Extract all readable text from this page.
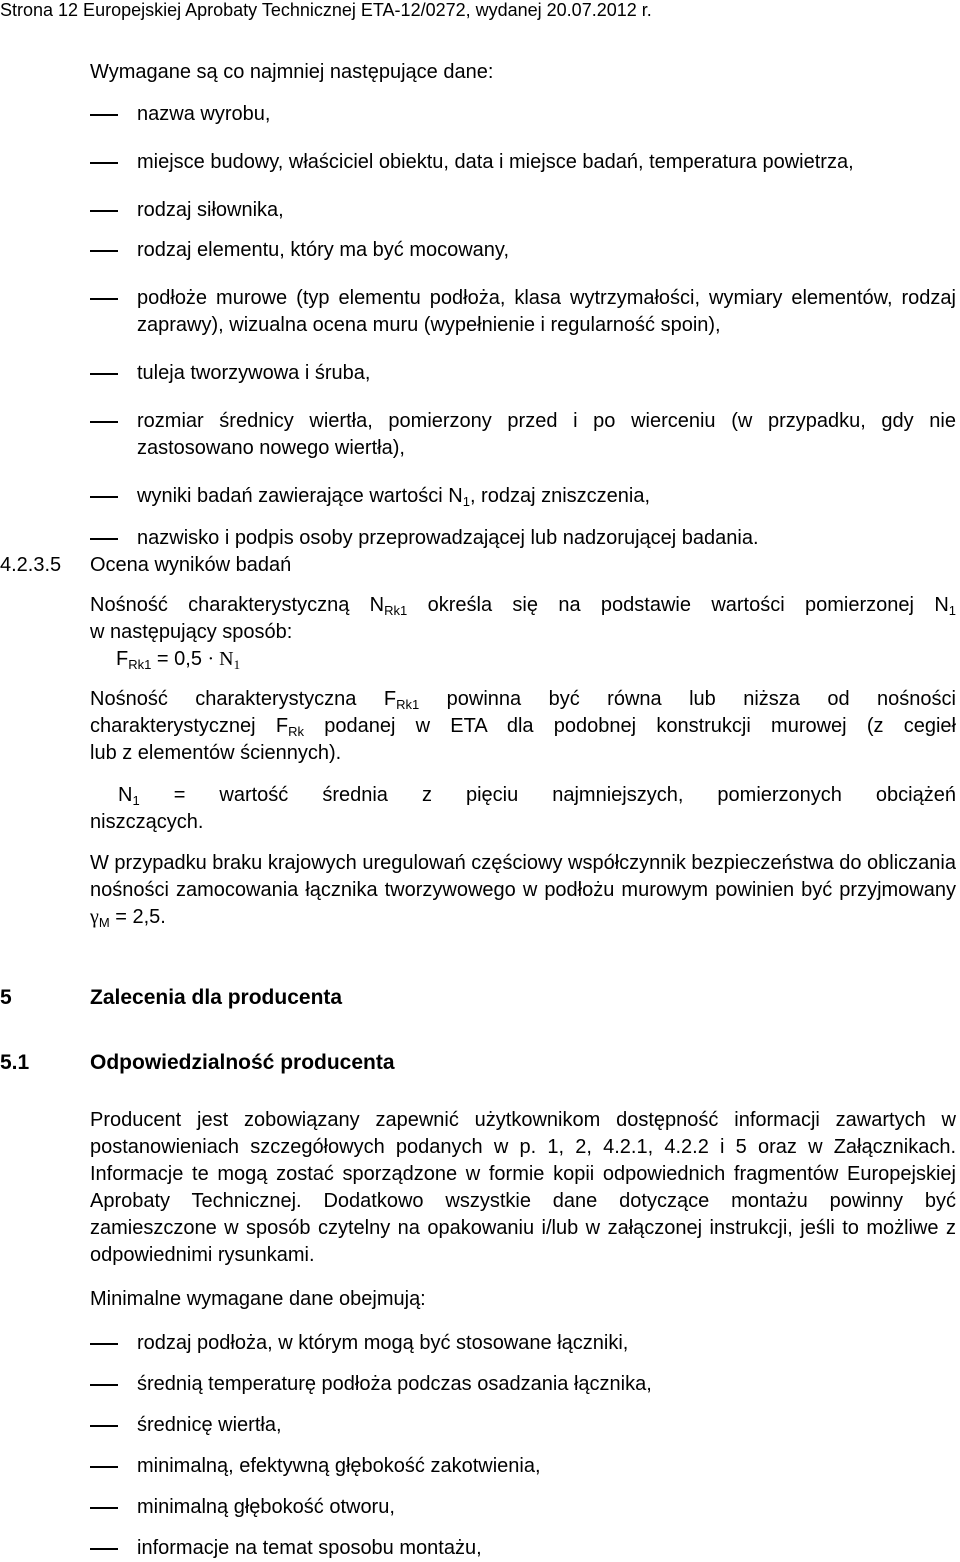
Strona 12 Europejskiej Aprobaty Technicznej ETA-12/0272, wydanej 20.07.2012 r.
Wymagane są co najmniej następujące dane:
nazwa wyrobu,
miejsce budowy, właściciel obiektu, data i miejsce badań, temperatura powietrza,
rodzaj siłownika,
rodzaj elementu, który ma być mocowany,
podłoże murowe (typ elementu podłoża, klasa wytrzymałości, wymiary elementów, rodzaj zaprawy), wizualna ocena muru (wypełnienie i regularność spoin),
tuleja tworzywowa i śruba,
rozmiar średnicy wiertła, pomierzony przed i po wierceniu (w przypadku, gdy nie zastosowano nowego wiertła),
wyniki badań zawierające wartości $N_1$, rodzaj zniszczenia,
nazwisko i podpis osoby przeprowadzającej lub nadzorującej badania.
4.2.3.5 Ocena wyników badań
Nośność charakterystyczną $N_{Rk1}$ określa się na podstawie wartości pomierzonej $N_1$
w następujący sposób:
$F_{Rk1} = 0,5 \cdot N_1$
Nośność charakterystyczna $F_{Rk1}$ powinna być równa lub niższa od nośności
charakterystycznej $F_{Rk}$ podanej w ETA dla podobnej konstrukcji murowej (z cegieł
lub z elementów ściennych).
$N_1$ = wartość średnia z pięciu najmniejszych, pomierzonych obciążeń
niszczących.
W przypadku braku krajowych uregulowań częściowy współczynnik bezpieczeństwa do obliczania nośności zamocowania łącznika tworzywowego w podłożu murowym powinien być przyjmowany $\gamma_M = 2,5$.
5	Zalecenia dla producenta
5.1	Odpowiedzialność producenta
Producent jest zobowiązany zapewnić użytkownikom dostępność informacji zawartych w postanowieniach szczegółowych podanych w p. 1, 2, 4.2.1, 4.2.2 i 5 oraz w Załącznikach. Informacje te mogą zostać sporządzone w formie kopii odpowiednich fragmentów Europejskiej Aprobaty Technicznej. Dodatkowo wszystkie dane dotyczące montażu powinny być zamieszczone w sposób czytelny na opakowaniu i/lub w załączonej instrukcji, jeśli to możliwe z odpowiednimi rysunkami.
Minimalne wymagane dane obejmują:
rodzaj podłoża, w którym mogą być stosowane łączniki,
średnią temperaturę podłoża podczas osadzania łącznika,
średnicę wiertła,
minimalną, efektywną głębokość zakotwienia,
minimalną głębokość otworu,
informacje na temat sposobu montażu,
